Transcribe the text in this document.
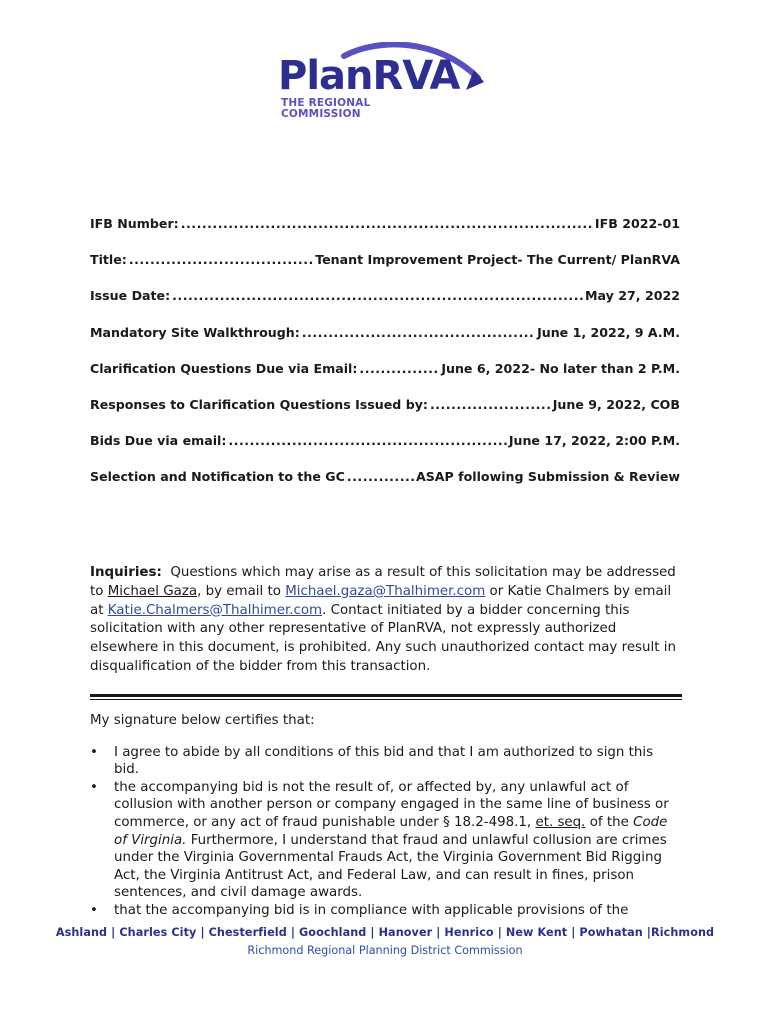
PlanRVA
THE REGIONAL
COMMISSION
IFB Number: .....	IFB 2022-01
Title: .....	Tenant Improvement Project- The Current/ PlanRVA
Issue Date: .....	May 27, 2022
Mandatory Site Walkthrough: .....	June 1, 2022, 9 A.M.
Clarification Questions Due via Email: .....	June 6, 2022- No later than 2 P.M.
Responses to Clarification Questions Issued by: .....	June 9, 2022, COB
Bids Due via email: .....	June 17, 2022, 2:00 P.M.
Selection and Notification to the GC .....	ASAP following Submission & Review
Inquiries: Questions which may arise as a result of this solicitation may be addressed to Michael Gaza, by email to Michael.gaza@Thalhimer.com or Katie Chalmers by email at Katie.Chalmers@Thalhimer.com. Contact initiated by a bidder concerning this solicitation with any other representative of PlanRVA, not expressly authorized elsewhere in this document, is prohibited. Any such unauthorized contact may result in disqualification of the bidder from this transaction.

My signature below certifies that:

• I agree to abide by all conditions of this bid and that I am authorized to sign this bid.
• the accompanying bid is not the result of, or affected by, any unlawful act of collusion with another person or company engaged in the same line of business or commerce, or any act of fraud punishable under § 18.2-498.1, et. seq. of the Code of Virginia. Furthermore, I understand that fraud and unlawful collusion are crimes under the Virginia Governmental Frauds Act, the Virginia Government Bid Rigging Act, the Virginia Antitrust Act, and Federal Law, and can result in fines, prison sentences, and civil damage awards.
• that the accompanying bid is in compliance with applicable provisions of the
Ashland | Charles City | Chesterfield | Goochland | Hanover | Henrico | New Kent | Powhatan |Richmond
Richmond Regional Planning District Commission
